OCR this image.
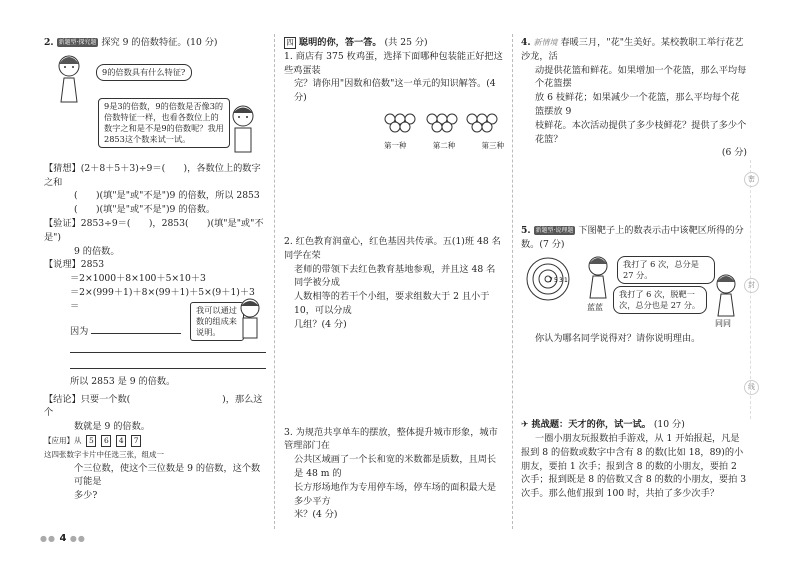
密
封
线

2. 新题型·探究题 探究 9 的倍数特征。(10 分)

9的倍数具有什么特征?
9是3的倍数，9的倍数是否像3的倍数特征一样，也看各数位上的数字之和是不是9的倍数呢？我用2853这个数来试一试。

【猜想】(2＋8＋5＋3)÷9＝(　　)，各数位上的数字之和

(　　)(填"是"或"不是")9 的倍数，所以 2853

(　　)(填"是"或"不是")9 的倍数。

【验证】2853÷9＝(　　)，2853(　　)(填"是"或"不是")

9 的倍数。

【说理】2853

＝2×1000＋8×100＋5×10＋3

＝2×(999＋1)＋8×(99＋1)＋5×(9＋1)＋3

＝	我可以通过数的组成来说明。

因为

所以 2853 是 9 的倍数。

【结论】只要一个数(　　　　　　　　　　)，那么这个

数就是 9 的倍数。

【应用】从 5 6 4 7 这四张数字卡片中任选三张，组成一

个三位数，使这个三位数是 9 的倍数，这个数可能是

多少?

四 聪明的你，答一答。 (共 25 分)

1. 商店有 375 枚鸡蛋，选择下面哪种包装能正好把这些鸡蛋装

完？请你用"因数和倍数"这一单元的知识解答。(4 分)

第一种	第二种	第三种

2. 红色教育润童心，红色基因共传承。五(1)班 48 名同学在荣

老师的带领下去红色教育基地参观，并且这 48 名同学被分成

人数相等的若干个小组，要求组数大于 2 且小于 10，可以分成

几组？(4 分)

3. 为规范共享单车的摆放，整体提升城市形象，城市管理部门在

公共区域画了一个长和宽的米数都是质数，且周长是 48 m 的

长方形场地作为专用停车场，停车场的面积最大是多少平方

米？(4 分)

4. 新情境 春暖三月，"花"生美好。某校教职工举行花艺沙龙，活

动提供花篮和鲜花。如果增加一个花篮，那么平均每个花篮摆

放 6 枝鲜花；如果减少一个花篮，那么平均每个花篮摆放 9

枝鲜花。本次活动提供了多少枝鲜花？提供了多少个花篮？

(6 分)

5. 新题型·说理题 下图靶子上的数表示击中该靶区所得的分数。(7 分)

7 5 3 1
蓝蓝
我打了 6 次，总分是 27 分。
我打了 6 次，脱靶一次，总分也是 27 分。
同同

你认为哪名同学说得对？请你说明理由。

✈ 挑战题：天才的你，试一试。 (10 分)

一圈小朋友玩报数拍手游戏，从 1 开始报起，凡是报到 8 的倍数或数字中含有 8 的数(比如 18，89)的小朋友，要拍 1 次手；报到含 8 的数的小朋友，要拍 2 次手；报到既是 8 的倍数又含 8 的数的小朋友，要拍 3 次手。那么他们报到 100 时，共拍了多少次手？

●● 4 ●●
